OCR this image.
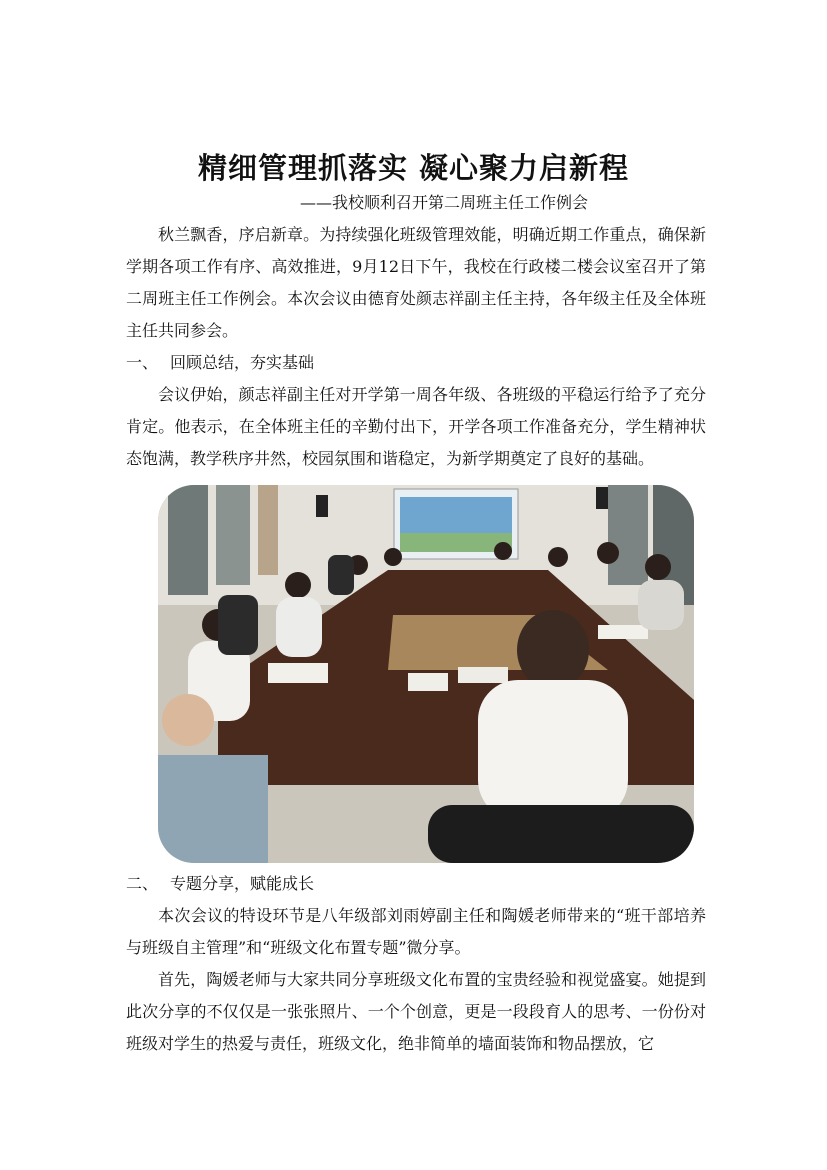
精细管理抓落实 凝心聚力启新程
——我校顺利召开第二周班主任工作例会
秋兰飘香，序启新章。为持续强化班级管理效能，明确近期工作重点，确保新学期各项工作有序、高效推进，9月12日下午，我校在行政楼二楼会议室召开了第二周班主任工作例会。本次会议由德育处颜志祥副主任主持，各年级主任及全体班主任共同参会。
一、 回顾总结，夯实基础
会议伊始，颜志祥副主任对开学第一周各年级、各班级的平稳运行给予了充分肯定。他表示，在全体班主任的辛勤付出下，开学各项工作准备充分，学生精神状态饱满，教学秩序井然，校园氛围和谐稳定，为新学期奠定了良好的基础。
二、 专题分享，赋能成长
本次会议的特设环节是八年级部刘雨婷副主任和陶媛老师带来的“班干部培养与班级自主管理”和“班级文化布置专题”微分享。
首先，陶媛老师与大家共同分享班级文化布置的宝贵经验和视觉盛宴。她提到此次分享的不仅仅是一张张照片、一个个创意，更是一段段育人的思考、一份份对班级对学生的热爱与责任，班级文化，绝非简单的墙面装饰和物品摆放，它
